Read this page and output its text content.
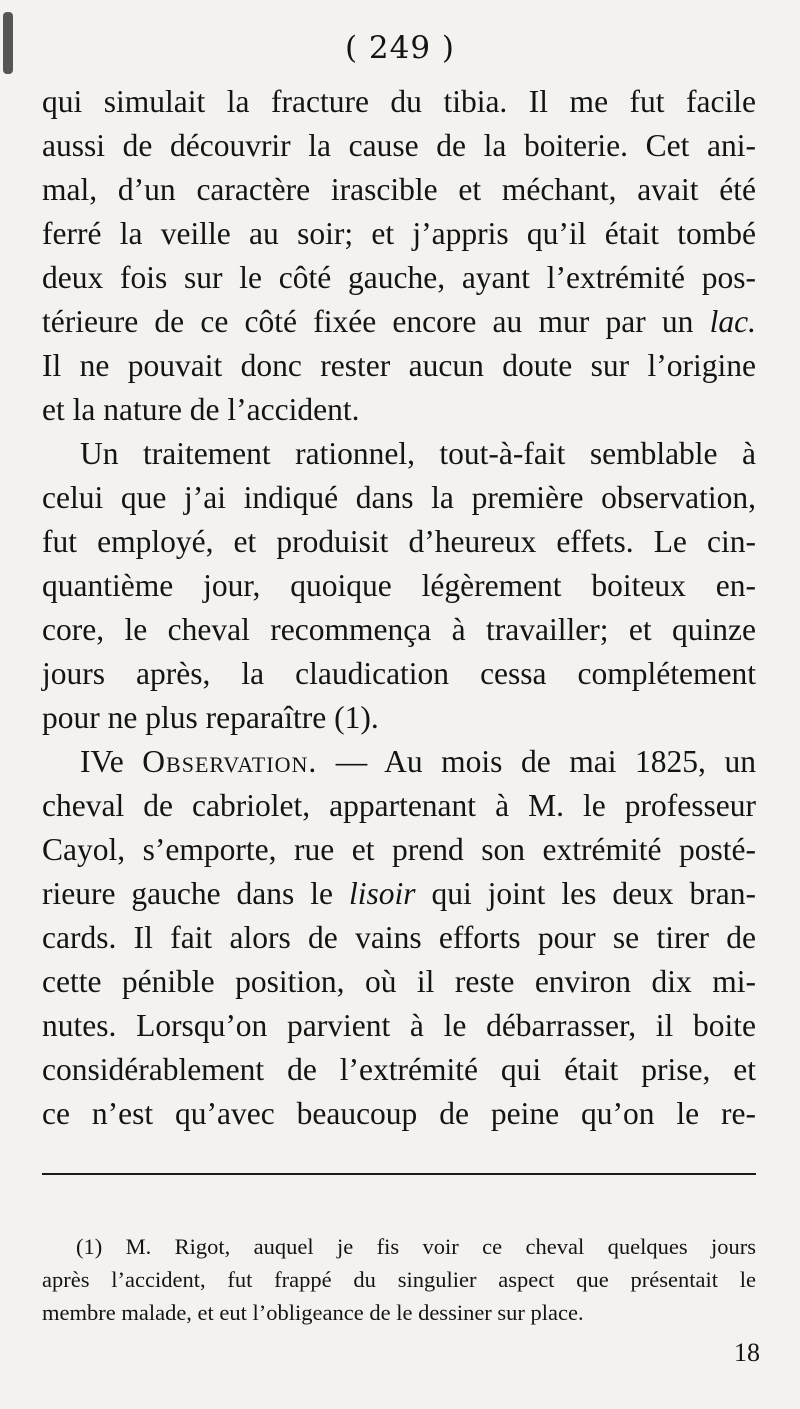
( 249 )
qui simulait la fracture du tibia. Il me fut facile
aussi de découvrir la cause de la boiterie. Cet ani-
mal, d’un caractère irascible et méchant, avait été
ferré la veille au soir; et j’appris qu’il était tombé
deux fois sur le côté gauche, ayant l’extrémité pos-
térieure de ce côté fixée encore au mur par un lac.
Il ne pouvait donc rester aucun doute sur l’origine
et la nature de l’accident.
Un traitement rationnel, tout-à-fait semblable à
celui que j’ai indiqué dans la première observation,
fut employé, et produisit d’heureux effets. Le cin-
quantième jour, quoique légèrement boiteux en-
core, le cheval recommença à travailler; et quinze
jours après, la claudication cessa complétement
pour ne plus reparaître (1).
IVe Observation. — Au mois de mai 1825, un
cheval de cabriolet, appartenant à M. le professeur
Cayol, s’emporte, rue et prend son extrémité posté-
rieure gauche dans le lisoir qui joint les deux bran-
cards. Il fait alors de vains efforts pour se tirer de
cette pénible position, où il reste environ dix mi-
nutes. Lorsqu’on parvient à le débarrasser, il boite
considérablement de l’extrémité qui était prise, et
ce n’est qu’avec beaucoup de peine qu’on le re-
(1) M. Rigot, auquel je fis voir ce cheval quelques jours
après l’accident, fut frappé du singulier aspect que présentait le
membre malade, et eut l’obligeance de le dessiner sur place.
18
